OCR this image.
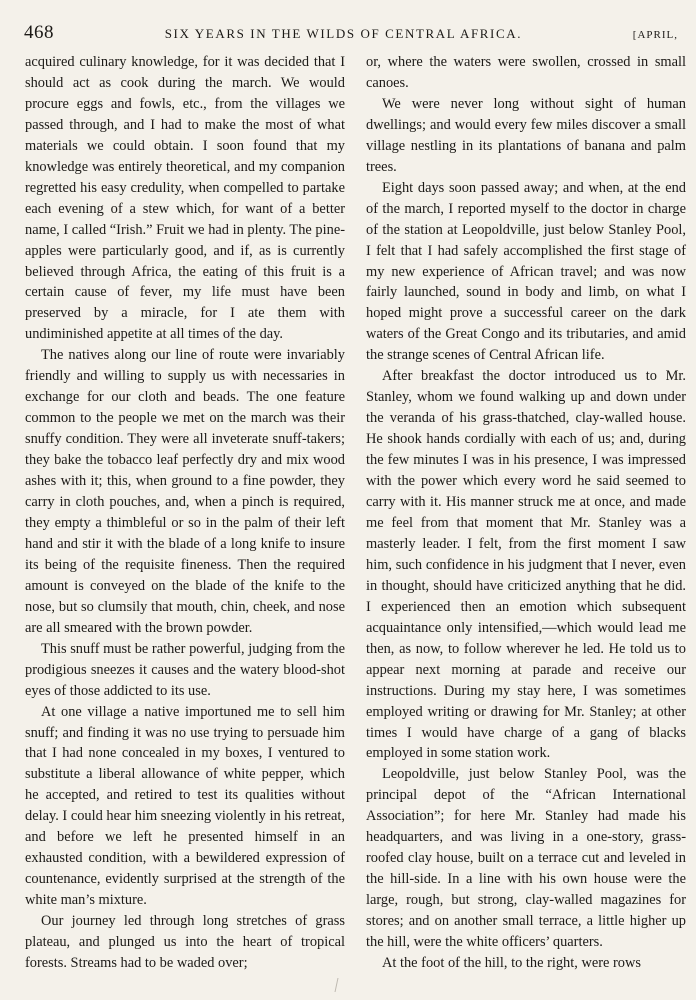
468	SIX YEARS IN THE WILDS OF CENTRAL AFRICA.	[APRIL,

acquired culinary knowledge, for it was decided that I should act as cook during the march. We would procure eggs and fowls, etc., from the villages we passed through, and I had to make the most of what materials we could obtain. I soon found that my knowledge was entirely theoretical, and my companion regretted his easy credulity, when compelled to partake each evening of a stew which, for want of a better name, I called “Irish.” Fruit we had in plenty. The pine-apples were particularly good, and if, as is currently believed through Africa, the eating of this fruit is a certain cause of fever, my life must have been preserved by a miracle, for I ate them with undiminished appetite at all times of the day.

The natives along our line of route were invariably friendly and willing to supply us with necessaries in exchange for our cloth and beads. The one feature common to the people we met on the march was their snuffy condition. They were all inveterate snuff-takers; they bake the tobacco leaf perfectly dry and mix wood ashes with it; this, when ground to a fine powder, they carry in cloth pouches, and, when a pinch is required, they empty a thimbleful or so in the palm of their left hand and stir it with the blade of a long knife to insure its being of the requisite fineness. Then the required amount is conveyed on the blade of the knife to the nose, but so clumsily that mouth, chin, cheek, and nose are all smeared with the brown powder.

This snuff must be rather powerful, judging from the prodigious sneezes it causes and the watery blood-shot eyes of those addicted to its use.

At one village a native importuned me to sell him snuff; and finding it was no use trying to persuade him that I had none concealed in my boxes, I ventured to substitute a liberal allowance of white pepper, which he accepted, and retired to test its qualities without delay. I could hear him sneezing violently in his retreat, and before we left he presented himself in an exhausted condition, with a bewildered expression of countenance, evidently surprised at the strength of the white man’s mixture.

Our journey led through long stretches of grass plateau, and plunged us into the heart of tropical forests. Streams had to be waded over;

or, where the waters were swollen, crossed in small canoes.

We were never long without sight of human dwellings; and would every few miles discover a small village nestling in its plantations of banana and palm trees.

Eight days soon passed away; and when, at the end of the march, I reported myself to the doctor in charge of the station at Leopoldville, just below Stanley Pool, I felt that I had safely accomplished the first stage of my new experience of African travel; and was now fairly launched, sound in body and limb, on what I hoped might prove a successful career on the dark waters of the Great Congo and its tributaries, and amid the strange scenes of Central African life.

After breakfast the doctor introduced us to Mr. Stanley, whom we found walking up and down under the veranda of his grass-thatched, clay-walled house. He shook hands cordially with each of us; and, during the few minutes I was in his presence, I was impressed with the power which every word he said seemed to carry with it. His manner struck me at once, and made me feel from that moment that Mr. Stanley was a masterly leader. I felt, from the first moment I saw him, such confidence in his judgment that I never, even in thought, should have criticized anything that he did. I experienced then an emotion which subsequent acquaintance only intensified,—which would lead me then, as now, to follow wherever he led. He told us to appear next morning at parade and receive our instructions. During my stay here, I was sometimes employed writing or drawing for Mr. Stanley; at other times I would have charge of a gang of blacks employed in some station work.

Leopoldville, just below Stanley Pool, was the principal depot of the “African International Association”; for here Mr. Stanley had made his headquarters, and was living in a one-story, grass-roofed clay house, built on a terrace cut and leveled in the hill-side. In a line with his own house were the large, rough, but strong, clay-walled magazines for stores; and on another small terrace, a little higher up the hill, were the white officers’ quarters.

At the foot of the hill, to the right, were rows
